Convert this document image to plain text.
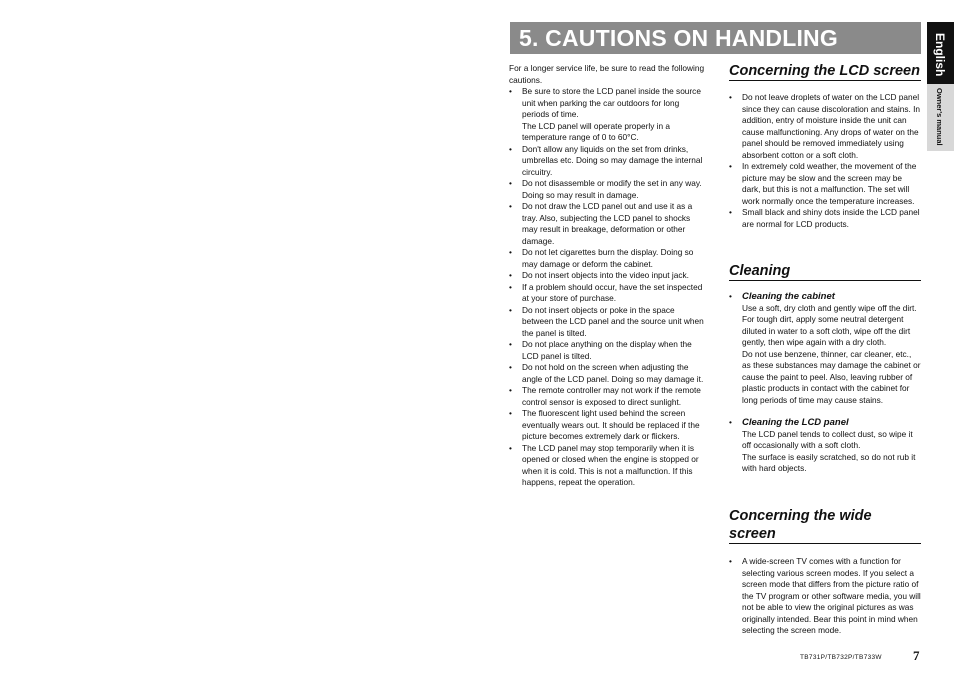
5. CAUTIONS ON HANDLING	English
Owner's manual

For a longer service life, be sure to read the following cautions.

• Be sure to store the LCD panel inside the source unit when parking the car outdoors for long periods of time.
The LCD panel will operate properly in a temperature range of 0 to 60°C.
• Don't allow any liquids on the set from drinks, umbrellas etc. Doing so may damage the internal circuitry.
• Do not disassemble or modify the set in any way. Doing so may result in damage.
• Do not draw the LCD panel out and use it as a tray. Also, subjecting the LCD panel to shocks may result in breakage, deformation or other damage.
• Do not let cigarettes burn the display. Doing so may damage or deform the cabinet.
• Do not insert objects into the video input jack.
• If a problem should occur, have the set inspected at your store of purchase.
• Do not insert objects or poke in the space between the LCD panel and the source unit when the panel is tilted.
• Do not place anything on the display when the LCD panel is tilted.
• Do not hold on the screen when adjusting the angle of the LCD panel. Doing so may damage it.
• The remote controller may not work if the remote control sensor is exposed to direct sunlight.
• The fluorescent light used behind the screen eventually wears out. It should be replaced if the picture becomes extremely dark or flickers.
• The LCD panel may stop temporarily when it is opened or closed when the engine is stopped or when it is cold. This is not a malfunction. If this happens, repeat the operation.
Concerning the LCD screen
• Do not leave droplets of water on the LCD panel since they can cause discoloration and stains. In addition, entry of moisture inside the unit can cause malfunctioning. Any drops of water on the panel should be removed immediately using absorbent cotton or a soft cloth.
• In extremely cold weather, the movement of the picture may be slow and the screen may be dark, but this is not a malfunction. The set will work normally once the temperature increases.
• Small black and shiny dots inside the LCD panel are normal for LCD products.
Cleaning
• Cleaning the cabinet

Use a soft, dry cloth and gently wipe off the dirt.
For tough dirt, apply some neutral detergent diluted in water to a soft cloth, wipe off the dirt gently, then wipe again with a dry cloth.
Do not use benzene, thinner, car cleaner, etc., as these substances may damage the cabinet or cause the paint to peel. Also, leaving rubber of plastic products in contact with the cabinet for long periods of time may cause stains.

• Cleaning the LCD panel

The LCD panel tends to collect dust, so wipe it off occasionally with a soft cloth.
The surface is easily scratched, so do not rub it with hard objects.

Concerning the wide
screen
• A wide-screen TV comes with a function for selecting various screen modes. If you select a screen mode that differs from the picture ratio of the TV program or other software media, you will not be able to view the original pictures as was originally intended. Bear this point in mind when selecting the screen mode.
TB731P/TB732P/TB733W 7
